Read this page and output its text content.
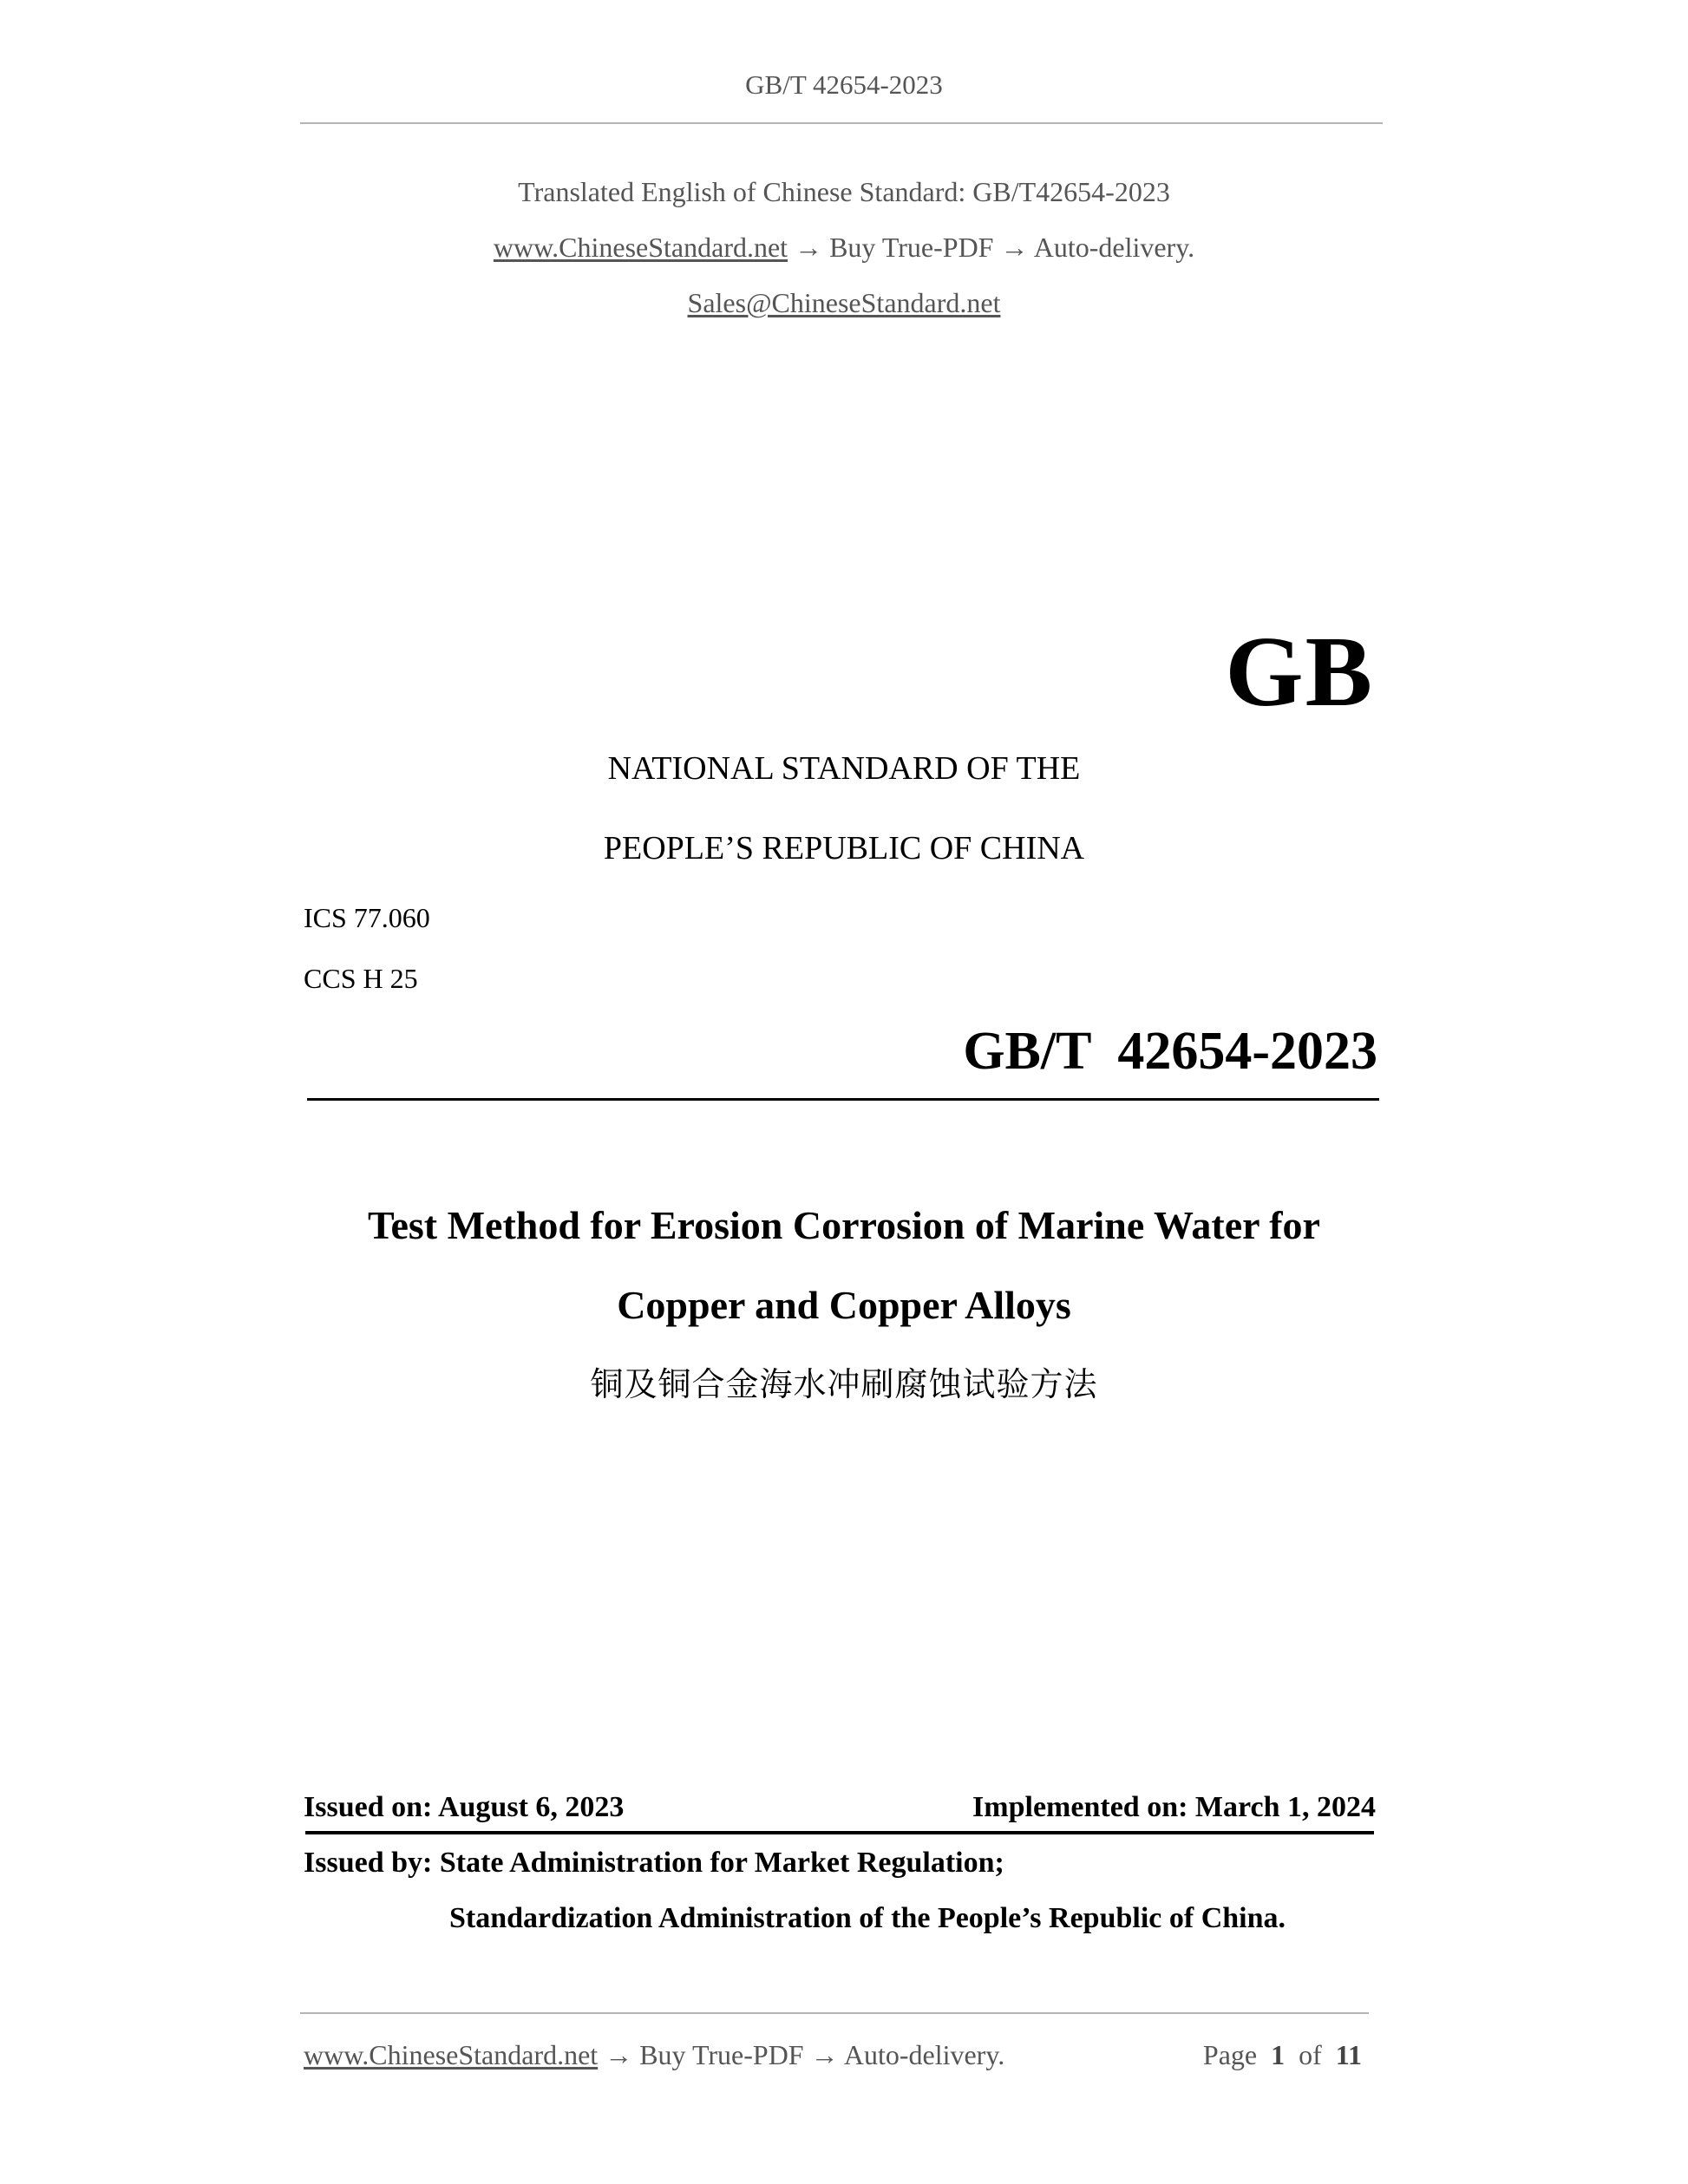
GB/T 42654-2023
Translated English of Chinese Standard: GB/T42654-2023
www.ChineseStandard.net → Buy True-PDF → Auto-delivery.
Sales@ChineseStandard.net
GB
NATIONAL STANDARD OF THE
PEOPLE’S REPUBLIC OF CHINA
ICS 77.060
CCS H 25
GB/T  42654-2023
Test Method for Erosion Corrosion of Marine Water for
Copper and Copper Alloys
铜及铜合金海水冲刷腐蚀试验方法
Issued on: August 6, 2023	Implemented on: March 1, 2024
Issued by: State Administration for Market Regulation;
Standardization Administration of the People’s Republic of China.
www.ChineseStandard.net → Buy True-PDF → Auto-delivery.	Page 1 of 11
